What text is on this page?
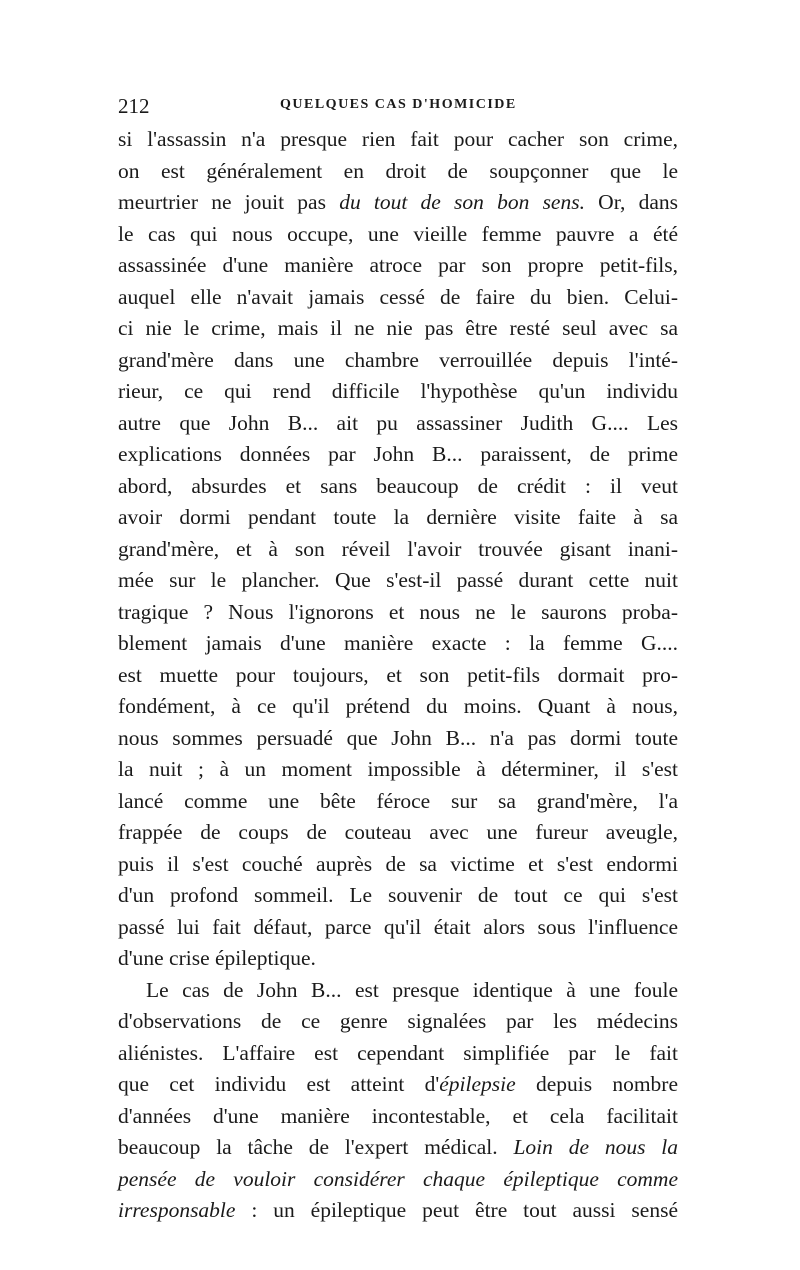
212	QUELQUES CAS D'HOMICIDE
si l'assassin n'a presque rien fait pour cacher son crime,
on est généralement en droit de soupçonner que le
meurtrier ne jouit pas du tout de son bon sens. Or, dans
le cas qui nous occupe, une vieille femme pauvre a été
assassinée d'une manière atroce par son propre petit-fils,
auquel elle n'avait jamais cessé de faire du bien. Celui-
ci nie le crime, mais il ne nie pas être resté seul avec sa
grand'mère dans une chambre verrouillée depuis l'inté-
rieur, ce qui rend difficile l'hypothèse qu'un individu
autre que John B... ait pu assassiner Judith G.... Les
explications données par John B... paraissent, de prime
abord, absurdes et sans beaucoup de crédit : il veut
avoir dormi pendant toute la dernière visite faite à sa
grand'mère, et à son réveil l'avoir trouvée gisant inani-
mée sur le plancher. Que s'est-il passé durant cette nuit
tragique ? Nous l'ignorons et nous ne le saurons proba-
blement jamais d'une manière exacte : la femme G....
est muette pour toujours, et son petit-fils dormait pro-
fondément, à ce qu'il prétend du moins. Quant à nous,
nous sommes persuadé que John B... n'a pas dormi toute
la nuit ; à un moment impossible à déterminer, il s'est
lancé comme une bête féroce sur sa grand'mère, l'a
frappée de coups de couteau avec une fureur aveugle,
puis il s'est couché auprès de sa victime et s'est endormi
d'un profond sommeil. Le souvenir de tout ce qui s'est
passé lui fait défaut, parce qu'il était alors sous l'influence
d'une crise épileptique.
Le cas de John B... est presque identique à une foule
d'observations de ce genre signalées par les médecins
aliénistes. L'affaire est cependant simplifiée par le fait
que cet individu est atteint d'épilepsie depuis nombre
d'années d'une manière incontestable, et cela facilitait
beaucoup la tâche de l'expert médical. Loin de nous la
pensée de vouloir considérer chaque épileptique comme
irresponsable : un épileptique peut être tout aussi sensé
